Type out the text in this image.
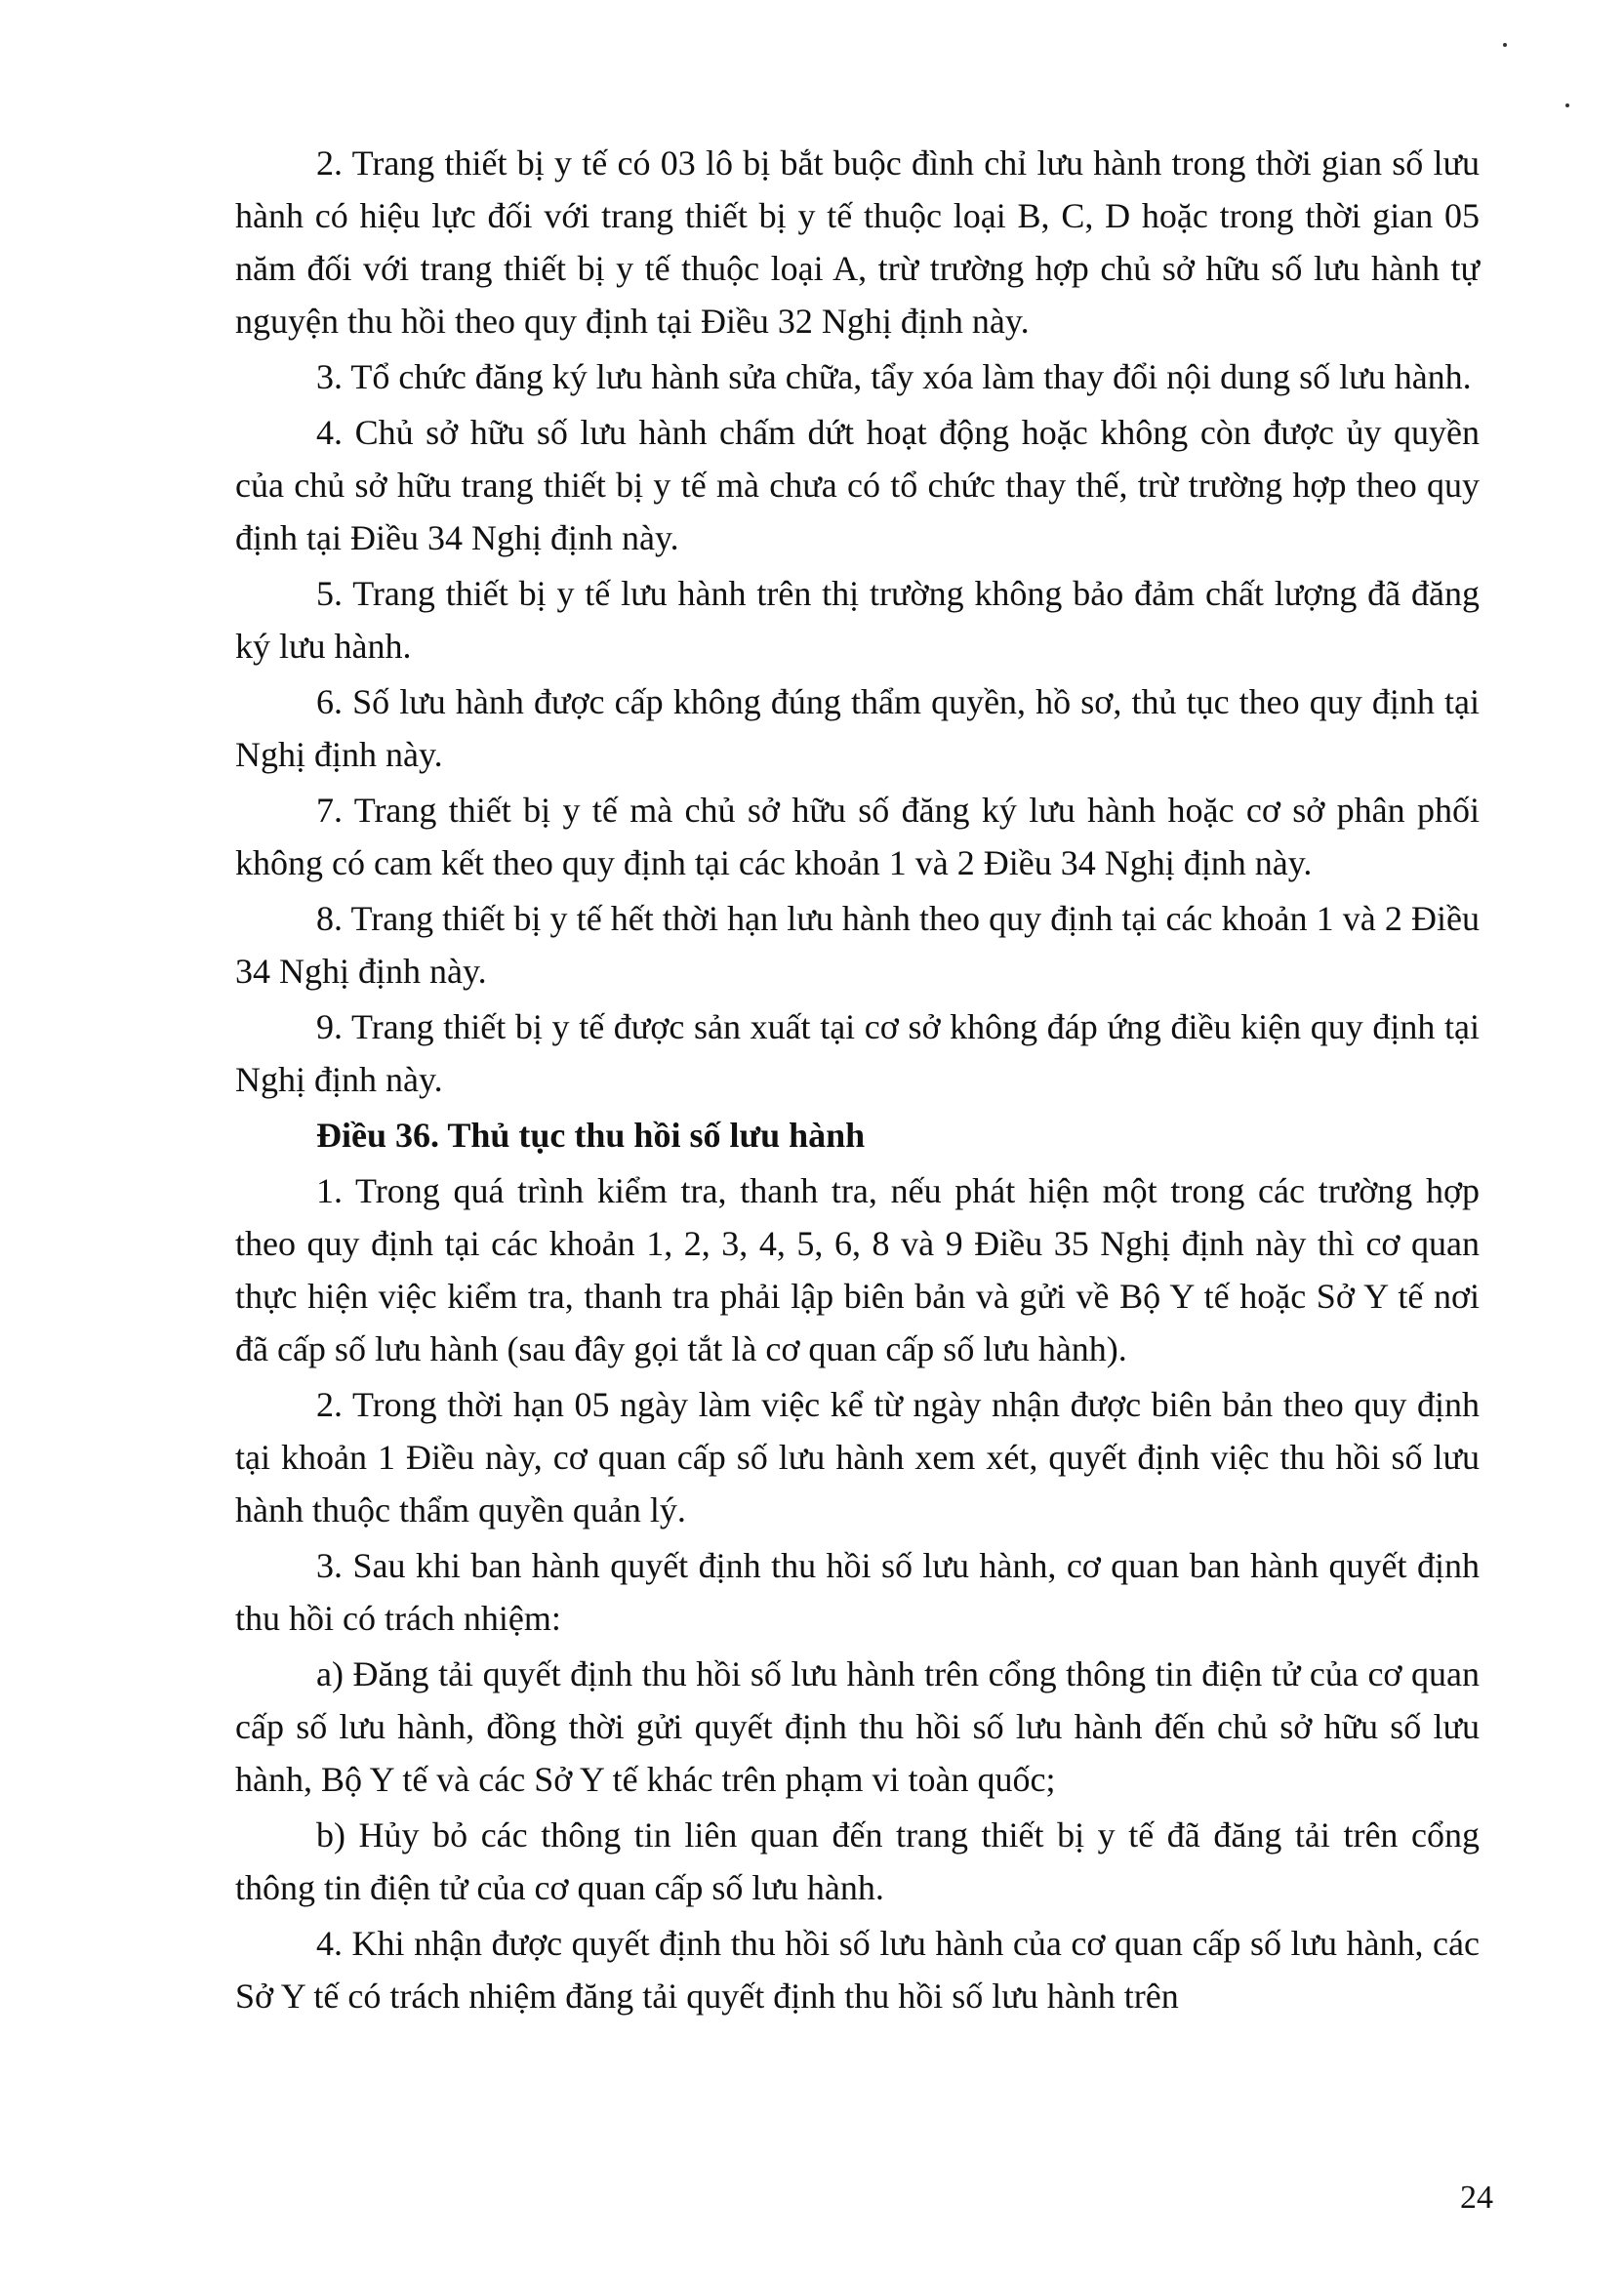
2. Trang thiết bị y tế có 03 lô bị bắt buộc đình chỉ lưu hành trong thời gian số lưu hành có hiệu lực đối với trang thiết bị y tế thuộc loại B, C, D hoặc trong thời gian 05 năm đối với trang thiết bị y tế thuộc loại A, trừ trường hợp chủ sở hữu số lưu hành tự nguyện thu hồi theo quy định tại Điều 32 Nghị định này.

3. Tổ chức đăng ký lưu hành sửa chữa, tẩy xóa làm thay đổi nội dung số lưu hành.

4. Chủ sở hữu số lưu hành chấm dứt hoạt động hoặc không còn được ủy quyền của chủ sở hữu trang thiết bị y tế mà chưa có tổ chức thay thế, trừ trường hợp theo quy định tại Điều 34 Nghị định này.

5. Trang thiết bị y tế lưu hành trên thị trường không bảo đảm chất lượng đã đăng ký lưu hành.

6. Số lưu hành được cấp không đúng thẩm quyền, hồ sơ, thủ tục theo quy định tại Nghị định này.

7. Trang thiết bị y tế mà chủ sở hữu số đăng ký lưu hành hoặc cơ sở phân phối không có cam kết theo quy định tại các khoản 1 và 2 Điều 34 Nghị định này.

8. Trang thiết bị y tế hết thời hạn lưu hành theo quy định tại các khoản 1 và 2 Điều 34 Nghị định này.

9. Trang thiết bị y tế được sản xuất tại cơ sở không đáp ứng điều kiện quy định tại Nghị định này.

Điều 36. Thủ tục thu hồi số lưu hành

1. Trong quá trình kiểm tra, thanh tra, nếu phát hiện một trong các trường hợp theo quy định tại các khoản 1, 2, 3, 4, 5, 6, 8 và 9 Điều 35 Nghị định này thì cơ quan thực hiện việc kiểm tra, thanh tra phải lập biên bản và gửi về Bộ Y tế hoặc Sở Y tế nơi đã cấp số lưu hành (sau đây gọi tắt là cơ quan cấp số lưu hành).

2. Trong thời hạn 05 ngày làm việc kể từ ngày nhận được biên bản theo quy định tại khoản 1 Điều này, cơ quan cấp số lưu hành xem xét, quyết định việc thu hồi số lưu hành thuộc thẩm quyền quản lý.

3. Sau khi ban hành quyết định thu hồi số lưu hành, cơ quan ban hành quyết định thu hồi có trách nhiệm:

a) Đăng tải quyết định thu hồi số lưu hành trên cổng thông tin điện tử của cơ quan cấp số lưu hành, đồng thời gửi quyết định thu hồi số lưu hành đến chủ sở hữu số lưu hành, Bộ Y tế và các Sở Y tế khác trên phạm vi toàn quốc;

b) Hủy bỏ các thông tin liên quan đến trang thiết bị y tế đã đăng tải trên cổng thông tin điện tử của cơ quan cấp số lưu hành.

4. Khi nhận được quyết định thu hồi số lưu hành của cơ quan cấp số lưu hành, các Sở Y tế có trách nhiệm đăng tải quyết định thu hồi số lưu hành trên

24
